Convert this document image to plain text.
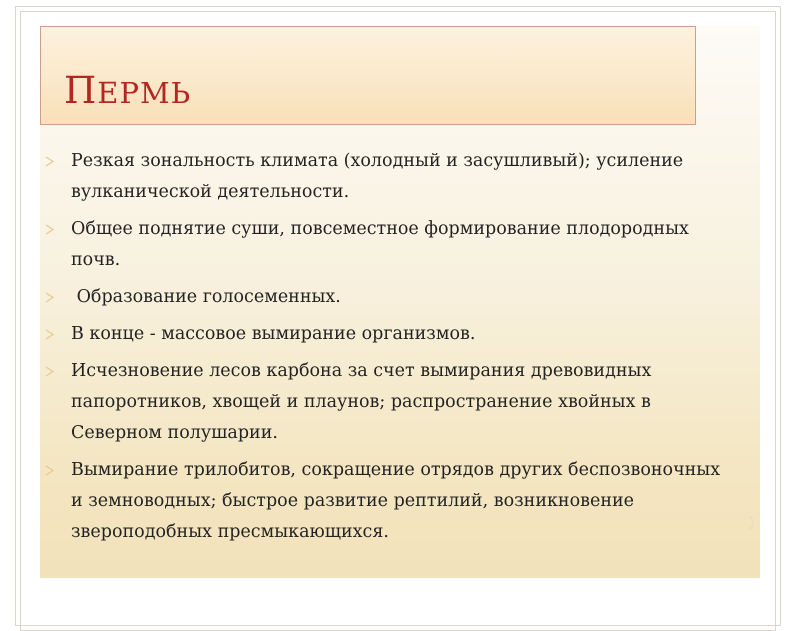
ПЕРМЬ
Резкая зональность климата (холодный и засушливый); усиление вулканической деятельности.
Общее поднятие суши, повсеместное формирование плодородных почв.
Образование голосеменных.
В конце - массовое вымирание организмов.
Исчезновение лесов карбона за счет вымирания древовидных папоротников, хвощей и плаунов; распространение хвойных в Северном полушарии.
Вымирание трилобитов, сокращение отрядов других беспозвоночных  и земноводных; быстрое развитие рептилий, возникновение звероподобных пресмыкающихся.
